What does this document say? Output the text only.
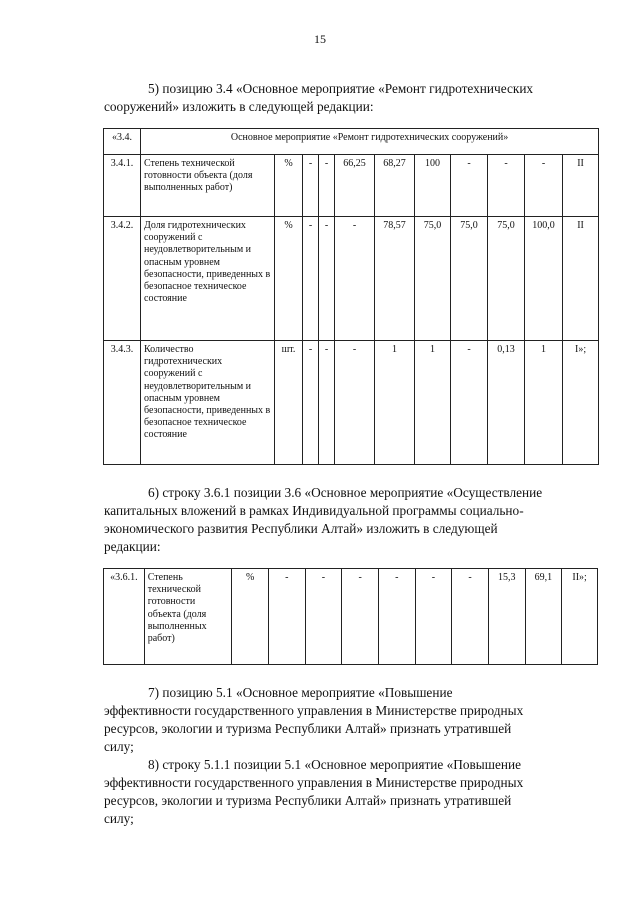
15
5) позицию 3.4 «Основное мероприятие «Ремонт гидротехнических
сооружений» изложить в следующей редакции:
«3.4.	Основное мероприятие «Ремонт гидротехнических сооружений»										
3.4.1.	Степень технической готовности объекта (доля выполненных работ)	%	-	-	66,25	68,27	100	-	-	-	II
3.4.2.	Доля гидротехнических сооружений с неудовлетворительным и опасным уровнем безопасности, приведенных в безопасное техническое состояние	%	-	-	-	78,57	75,0	75,0	75,0	100,0	II
3.4.3.	Количество гидротехнических сооружений с неудовлетворительным и опасным уровнем безопасности, приведенных в безопасное техническое состояние	шт.	-	-	-	1	1	-	0,13	1	I»;
6) строку 3.6.1 позиции 3.6 «Основное мероприятие «Осуществление
капитальных вложений в рамках Индивидуальной программы социально-
экономического развития Республики Алтай» изложить в следующей
редакции:
«3.6.1.	Степень технической готовности объекта (доля выполненных работ)	%	-	-	-	-	-	-	15,3	69,1	II»;
7) позицию 5.1 «Основное мероприятие «Повышение
эффективности государственного управления в Министерстве природных
ресурсов, экологии и туризма Республики Алтай» признать утратившей
силу;
8) строку 5.1.1 позиции 5.1 «Основное мероприятие «Повышение
эффективности государственного управления в Министерстве природных
ресурсов, экологии и туризма Республики Алтай» признать утратившей
силу;
